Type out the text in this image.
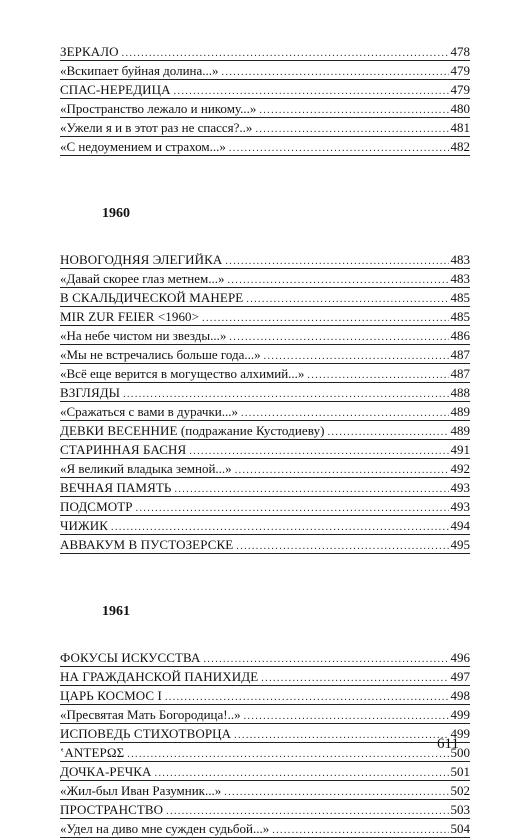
ЗЕРКАЛО .....	478
«Вскипает буйная долина...» .....	479
СПАС-НЕРЕДИЦА .....	479
«Пространство лежало и никому...» .....	480
«Ужели я и в этот раз не спасся?..» .....	481
«С недоумением и страхом...» .....	482
1960
НОВОГОДНЯЯ ЭЛЕГИЙКА .....	483
«Давай скорее глаз метнем...» .....	483
В СКАЛЬДИЧЕСКОЙ МАНЕРЕ .....	485
MIR ZUR FEIER <1960> .....	485
«На небе чистом ни звезды...» .....	486
«Мы не встречались больше года...» .....	487
«Всё еще верится в могущество алхимий...» .....	487
ВЗГЛЯДЫ .....	488
«Сражаться с вами в дурачки...» .....	489
ДЕВКИ ВЕСЕННИЕ (подражание Кустодиеву) .....	489
СТАРИННАЯ БАСНЯ .....	491
«Я великий владыка земной...» .....	492
ВЕЧНАЯ ПАМЯТЬ .....	493
ПОДСМОТР .....	493
ЧИЖИК .....	494
АВВАКУМ В ПУСТОЗЕРСКЕ .....	495
1961
ФОКУСЫ ИСКУССТВА .....	496
НА ГРАЖДАНСКОЙ ПАНИХИДЕ .....	497
ЦАРЬ КОСМОС I .....	498
«Пресвятая Мать Богородица!..» .....	499
ИСПОВЕДЬ СТИХОТВОРЦА .....	499
ʽΑΝΤΕΡΩΣ .....	500
ДОЧКА-РЕЧКА .....	501
«Жил-был Иван Разумник...» .....	502
ПРОСТРАНСТВО .....	503
«Удел на диво мне сужден судьбой...» .....	504
611
